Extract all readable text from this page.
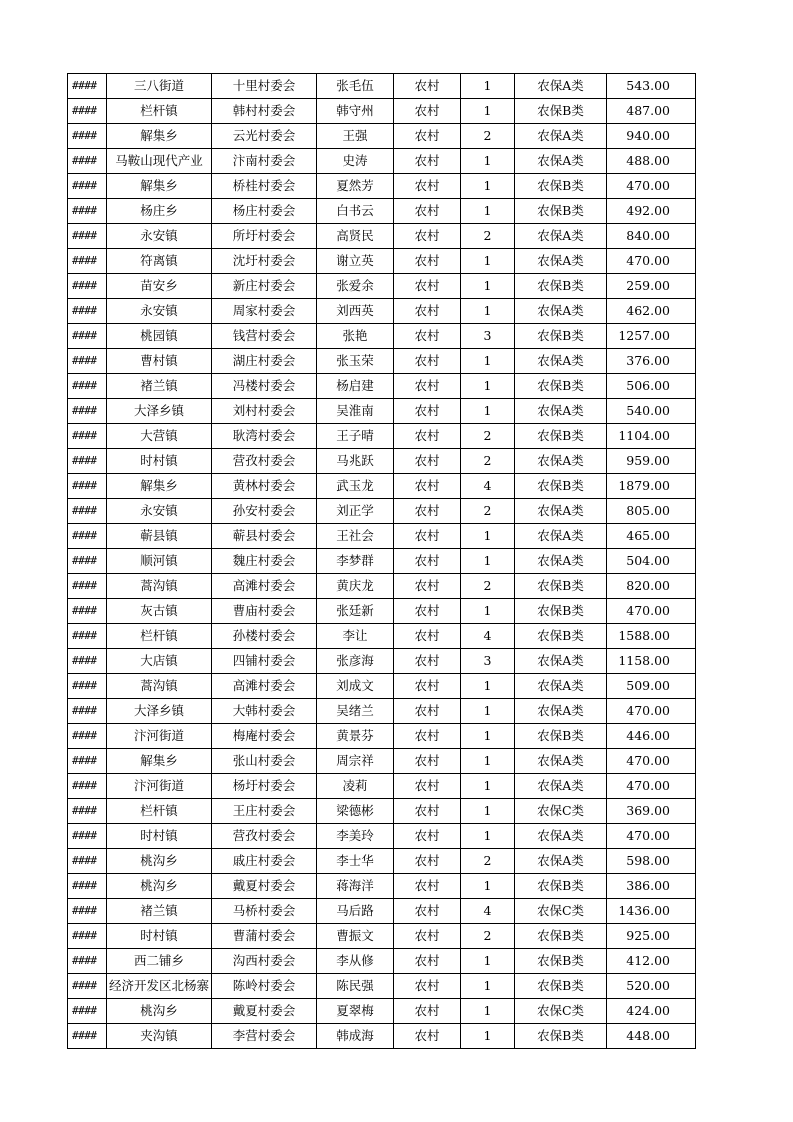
####	三八街道	十里村委会	张毛伍	农村	1	农保A类	543.00
####	栏杆镇	韩村村委会	韩守州	农村	1	农保B类	487.00
####	解集乡	云光村委会	王强	农村	2	农保A类	940.00
####	马鞍山现代产业	汴南村委会	史涛	农村	1	农保A类	488.00
####	解集乡	桥桂村委会	夏然芳	农村	1	农保B类	470.00
####	杨庄乡	杨庄村委会	白书云	农村	1	农保B类	492.00
####	永安镇	所圩村委会	高贤民	农村	2	农保A类	840.00
####	符离镇	沈圩村委会	谢立英	农村	1	农保A类	470.00
####	苗安乡	新庄村委会	张爱余	农村	1	农保B类	259.00
####	永安镇	周家村委会	刘西英	农村	1	农保A类	462.00
####	桃园镇	钱营村委会	张艳	农村	3	农保B类	1257.00
####	曹村镇	湖庄村委会	张玉荣	农村	1	农保A类	376.00
####	褚兰镇	冯楼村委会	杨启建	农村	1	农保B类	506.00
####	大泽乡镇	刘村村委会	吴淮南	农村	1	农保A类	540.00
####	大营镇	耿湾村委会	王子晴	农村	2	农保B类	1104.00
####	时村镇	营孜村委会	马兆跃	农村	2	农保A类	959.00
####	解集乡	黄林村委会	武玉龙	农村	4	农保B类	1879.00
####	永安镇	孙安村委会	刘正学	农村	2	农保A类	805.00
####	蕲县镇	蕲县村委会	王社会	农村	1	农保A类	465.00
####	顺河镇	魏庄村委会	李梦群	农村	1	农保A类	504.00
####	蒿沟镇	高滩村委会	黄庆龙	农村	2	农保B类	820.00
####	灰古镇	曹庙村委会	张廷新	农村	1	农保B类	470.00
####	栏杆镇	孙楼村委会	李让	农村	4	农保B类	1588.00
####	大店镇	四铺村委会	张彦海	农村	3	农保A类	1158.00
####	蒿沟镇	高滩村委会	刘成文	农村	1	农保A类	509.00
####	大泽乡镇	大韩村委会	吴绪兰	农村	1	农保A类	470.00
####	汴河街道	梅庵村委会	黄景芬	农村	1	农保B类	446.00
####	解集乡	张山村委会	周宗祥	农村	1	农保A类	470.00
####	汴河街道	杨圩村委会	凌莉	农村	1	农保A类	470.00
####	栏杆镇	王庄村委会	梁德彬	农村	1	农保C类	369.00
####	时村镇	营孜村委会	李美玲	农村	1	农保A类	470.00
####	桃沟乡	戚庄村委会	李士华	农村	2	农保A类	598.00
####	桃沟乡	戴夏村委会	蒋海洋	农村	1	农保B类	386.00
####	褚兰镇	马桥村委会	马后路	农村	4	农保C类	1436.00
####	时村镇	曹蒲村委会	曹振文	农村	2	农保B类	925.00
####	西二铺乡	沟西村委会	李从修	农村	1	农保B类	412.00
####	经济开发区北杨寨	陈岭村委会	陈民强	农村	1	农保B类	520.00
####	桃沟乡	戴夏村委会	夏翠梅	农村	1	农保C类	424.00
####	夹沟镇	李营村委会	韩成海	农村	1	农保B类	448.00
